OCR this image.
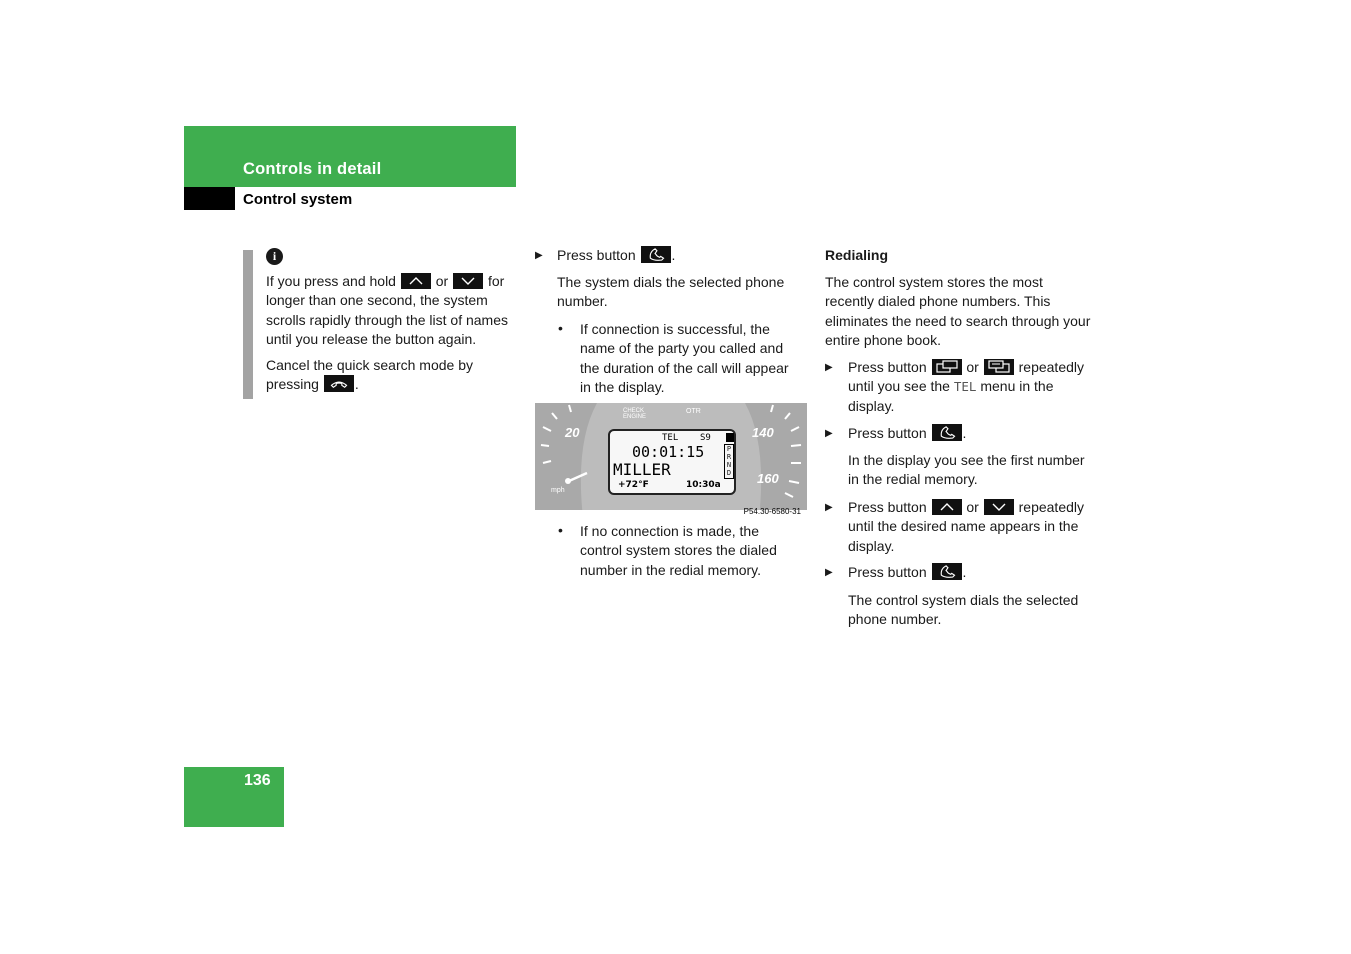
Controls in detail
Control system
i
If you press and hold	or	for
longer than one second, the system
scrolls rapidly through the list of names
until you release the button again.
Cancel the quick search mode by
pressing	.
▶ Press button	.
The system dials the selected phone
number.
• If connection is successful, the
name of the party you called and
the duration of the call will appear
in the display.
20	140
160
mph
CHECK ENGINE
OTR
TEL S9
00:01:15
MILLER
+72°F	10:30a
P
R
N
D
P54.30-6580-31
• If no connection is made, the
control system stores the dialed
number in the redial memory.
Redialing
The control system stores the most
recently dialed phone numbers. This
eliminates the need to search through your
entire phone book.
▶ Press button	or	repeatedly
until you see the TEL menu in the
display.
▶ Press button	.
In the display you see the first number
in the redial memory.
▶ Press button	or	repeatedly
until the desired name appears in the
display.
▶ Press button	.
The control system dials the selected
phone number.
136
